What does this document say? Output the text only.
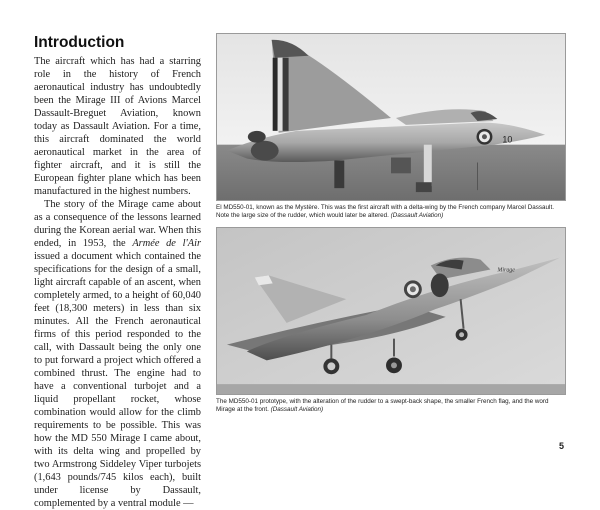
Introduction

The aircraft which has had a starring role in the history of French aeronautical industry has undoubtedly been the Mirage III of Avions Marcel Dassault-Breguet Aviation, known today as Dassault Aviation. For a time, this aircraft dominated the world aeronautical market in the area of fighter aircraft, and it is still the European fighter plane which has been manufactured in the highest numbers.

The story of the Mirage came about as a consequence of the lessons learned during the Korean aerial war. When this ended, in 1953, the Armée de l'Air issued a document which contained the specifications for the design of a small, light aircraft capable of an ascent, when completely armed, to a height of 60,040 feet (18,300 meters) in less than six minutes. All the French aeronautical firms of this period responded to the call, with Dassault being the only one to put forward a project which offered a combined thrust. The engine had to have a conventional turbojet and a liquid propellant rocket, whose combination would allow for the climb requirements to be possible. This was how the MD 550 Mirage I came about, with its delta wing and propelled by two Armstrong Siddeley Viper turbojets (1,643 pounds/745 kilos each), built under license by Dassault, complemented by a ventral module —

10
El MD550-01, known as the Mystère. This was the first aircraft with a delta-wing by the French company Marcel Dassault. Note the large size of the rudder, which would later be altered. (Dassault Aviation)
Mirage
The MD550-01 prototype, with the alteration of the rudder to a swept-back shape, the smaller French flag, and the word Mirage at the front. (Dassault Aviation)
5
